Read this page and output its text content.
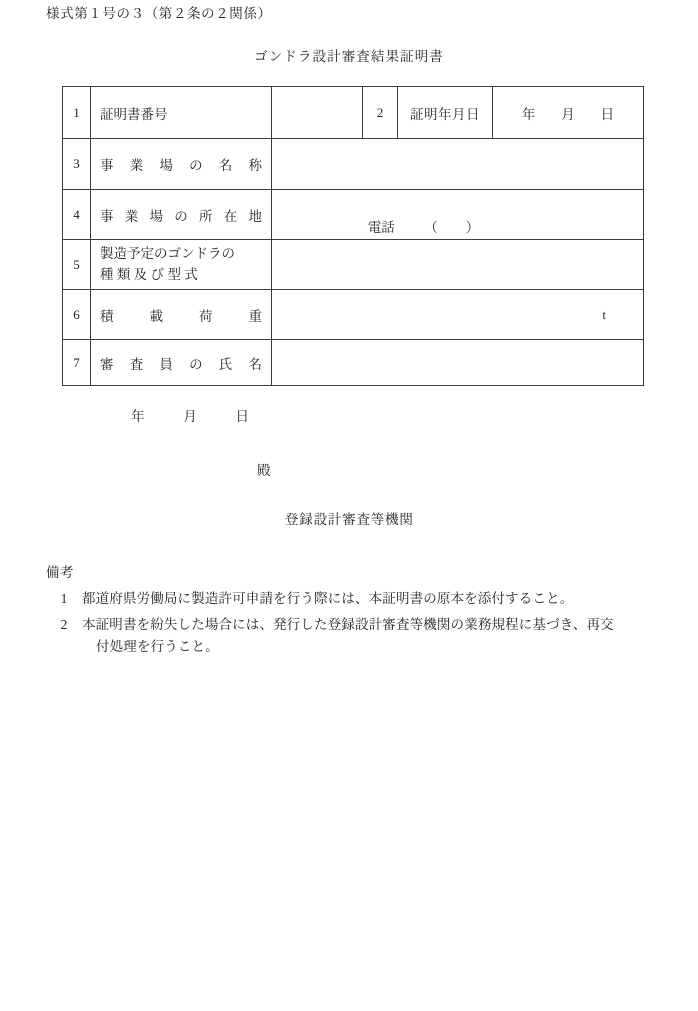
様式第１号の３（第２条の２関係）
ゴンドラ設計審査結果証明書
1	証明書番号		2	証明年月日	年 月 日

3	事 業 場 の 名 称

4	事 業 場 の 所 在 地

電話 （）

5	製造予定のゴンドラの
種 類 及 び 型 式				

6	積 載 荷 重	t			

7	審 査 員 の 氏 名

年	月	日
殿
登録設計審査等機関

備考

1	都道府県労働局に製造許可申請を行う際には、本証明書の原本を添付すること。
2	本証明書を紛失した場合には、発行した登録設計審査等機関の業務規程に基づき、再交
付処理を行うこと。
